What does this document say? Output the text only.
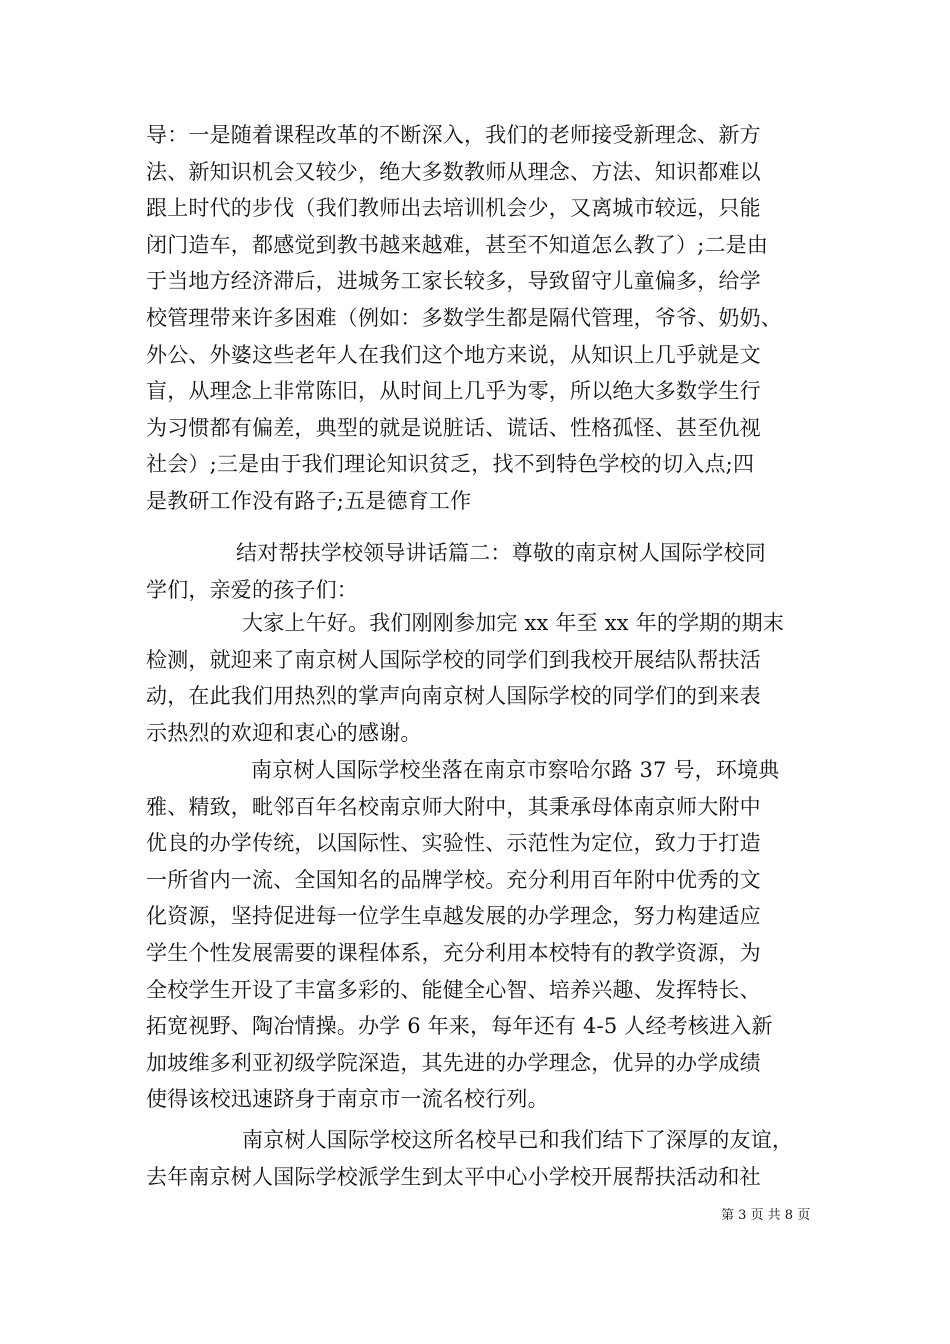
导：一是随着课程改革的不断深入，我们的老师接受新理念、新方
法、新知识机会又较少，绝大多数教师从理念、方法、知识都难以
跟上时代的步伐（我们教师出去培训机会少，又离城市较远，只能
闭门造车，都感觉到教书越来越难，甚至不知道怎么教了）;二是由
于当地方经济滞后，进城务工家长较多，导致留守儿童偏多，给学
校管理带来许多困难（例如：多数学生都是隔代管理，爷爷、奶奶、
外公、外婆这些老年人在我们这个地方来说，从知识上几乎就是文
盲，从理念上非常陈旧，从时间上几乎为零，所以绝大多数学生行
为习惯都有偏差，典型的就是说脏话、谎话、性格孤怪、甚至仇视
社会）;三是由于我们理论知识贫乏，找不到特色学校的切入点;四
是教研工作没有路子;五是德育工作
结对帮扶学校领导讲话篇二：尊敬的南京树人国际学校同
学们，亲爱的孩子们：
大家上午好。我们刚刚参加完 xx 年至 xx 年的学期的期末
检测，就迎来了南京树人国际学校的同学们到我校开展结队帮扶活
动，在此我们用热烈的掌声向南京树人国际学校的同学们的到来表
示热烈的欢迎和衷心的感谢。
南京树人国际学校坐落在南京市察哈尔路 37 号，环境典
雅、精致，毗邻百年名校南京师大附中，其秉承母体南京师大附中
优良的办学传统，以国际性、实验性、示范性为定位，致力于打造
一所省内一流、全国知名的品牌学校。充分利用百年附中优秀的文
化资源，坚持促进每一位学生卓越发展的办学理念，努力构建适应
学生个性发展需要的课程体系，充分利用本校特有的教学资源，为
全校学生开设了丰富多彩的、能健全心智、培养兴趣、发挥特长、
拓宽视野、陶冶情操。办学 6 年来，每年还有 4-5 人经考核进入新
加坡维多利亚初级学院深造，其先进的办学理念，优异的办学成绩
使得该校迅速跻身于南京市一流名校行列。
南京树人国际学校这所名校早已和我们结下了深厚的友谊，
去年南京树人国际学校派学生到太平中心小学校开展帮扶活动和社
第 3 页 共 8 页
